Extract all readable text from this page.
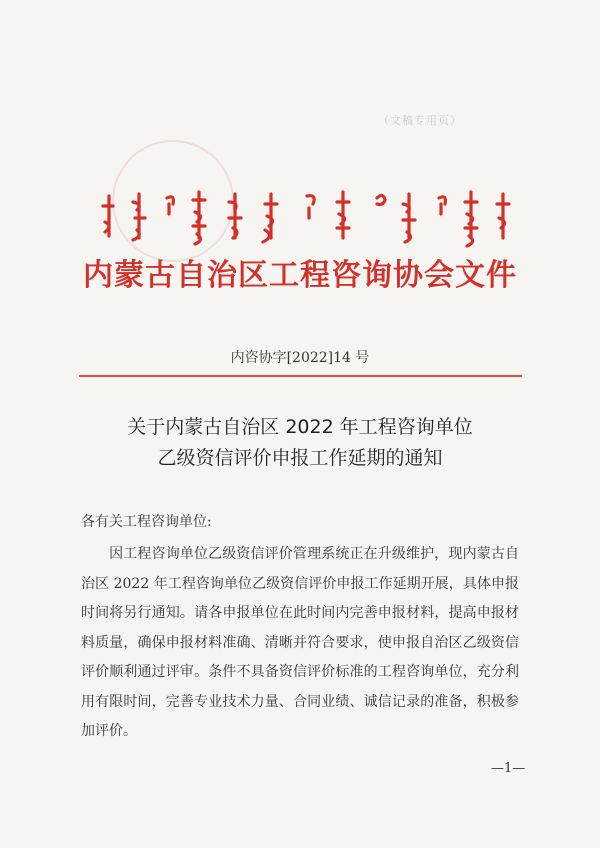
（文稿专用页）
内蒙古自治区工程咨询协会文件
内咨协字[2022]14 号
关于内蒙古自治区 2022 年工程咨询单位
乙级资信评价申报工作延期的通知
各有关工程咨询单位:
因工程咨询单位乙级资信评价管理系统正在升级维护，现内蒙古自治区 2022 年工程咨询单位乙级资信评价申报工作延期开展，具体申报时间将另行通知。请各申报单位在此时间内完善申报材料，提高申报材料质量，确保申报材料准确、清晰并符合要求，使申报自治区乙级资信评价顺利通过评审。条件不具备资信评价标准的工程咨询单位，充分利用有限时间，完善专业技术力量、合同业绩、诚信记录的准备，积极参加评价。
—1—
